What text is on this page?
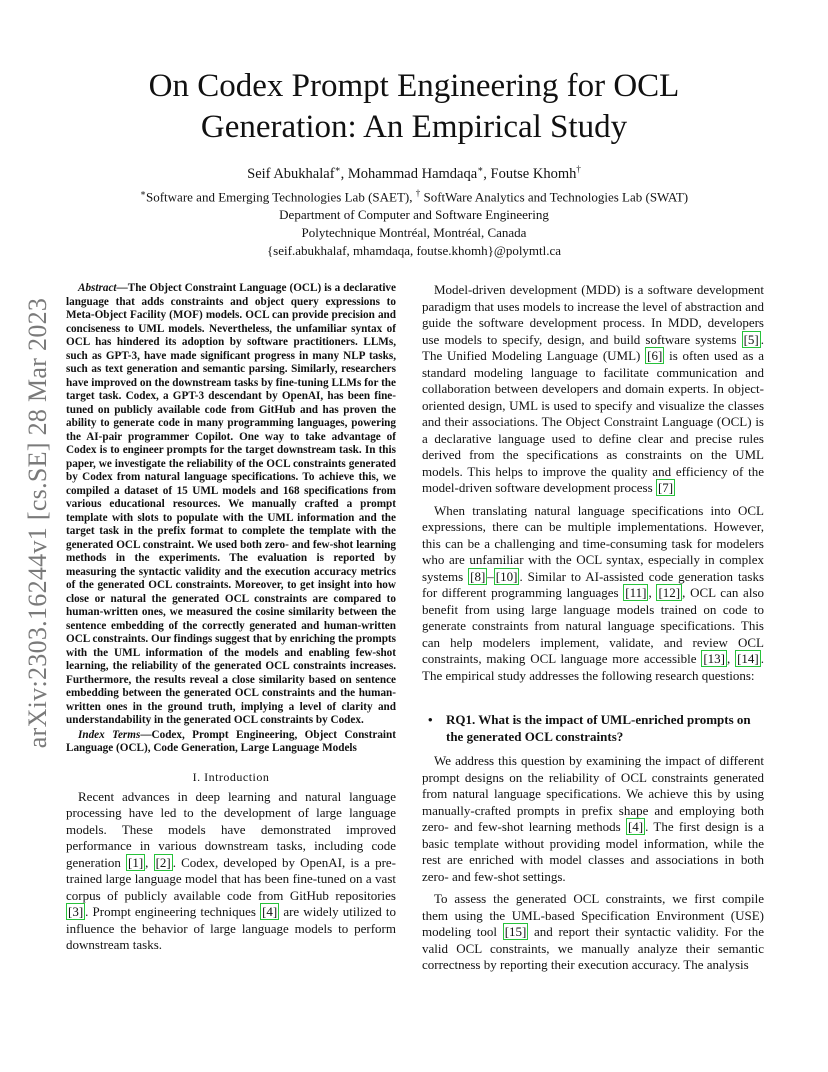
arXiv:2303.16244v1 [cs.SE] 28 Mar 2023
On Codex Prompt Engineering for OCL
Generation: An Empirical Study
Seif Abukhalaf∗, Mohammad Hamdaqa∗, Foutse Khomh†
∗Software and Emerging Technologies Lab (SAET), † SoftWare Analytics and Technologies Lab (SWAT)
Department of Computer and Software Engineering
Polytechnique Montréal, Montréal, Canada
{seif.abukhalaf, mhamdaqa, foutse.khomh}@polymtl.ca

Abstract—The Object Constraint Language (OCL) is a declarative language that adds constraints and object query expressions to Meta-Object Facility (MOF) models. OCL can provide precision and conciseness to UML models. Nevertheless, the unfamiliar syntax of OCL has hindered its adoption by software practitioners. LLMs, such as GPT-3, have made significant progress in many NLP tasks, such as text generation and semantic parsing. Similarly, researchers have improved on the downstream tasks by fine-tuning LLMs for the target task. Codex, a GPT-3 descendant by OpenAI, has been fine-tuned on publicly available code from GitHub and has proven the ability to generate code in many programming languages, powering the AI-pair programmer Copilot. One way to take advantage of Codex is to engineer prompts for the target downstream task. In this paper, we investigate the reliability of the OCL constraints generated by Codex from natural language specifications. To achieve this, we compiled a dataset of 15 UML models and 168 specifications from various educational resources. We manually crafted a prompt template with slots to populate with the UML information and the target task in the prefix format to complete the template with the generated OCL constraint. We used both zero- and few-shot learning methods in the experiments. The evaluation is reported by measuring the syntactic validity and the execution accuracy metrics of the generated OCL constraints. Moreover, to get insight into how close or natural the generated OCL constraints are compared to human-written ones, we measured the cosine similarity between the sentence embedding of the correctly generated and human-written OCL constraints. Our findings suggest that by enriching the prompts with the UML information of the models and enabling few-shot learning, the reliability of the generated OCL constraints increases. Furthermore, the results reveal a close similarity based on sentence embedding between the generated OCL constraints and the human-written ones in the ground truth, implying a level of clarity and understandability in the generated OCL constraints by Codex.

Index Terms—Codex, Prompt Engineering, Object Constraint Language (OCL), Code Generation, Large Language Models

I. Introduction

Recent advances in deep learning and natural language processing have led to the development of large language models. These models have demonstrated improved performance in various downstream tasks, including code generation [1] , [2] . Codex, developed by OpenAI, is a pre-trained large language model that has been fine-tuned on a vast corpus of publicly available code from GitHub repositories [3] . Prompt engineering techniques [4] are widely utilized to influence the behavior of large language models to perform downstream tasks.

Model-driven development (MDD) is a software development paradigm that uses models to increase the level of abstraction and guide the software development process. In MDD, developers use models to specify, design, and build software systems [5] . The Unified Modeling Language (UML) [6] is often used as a standard modeling language to facilitate communication and collaboration between developers and domain experts. In object-oriented design, UML is used to specify and visualize the classes and their associations. The Object Constraint Language (OCL) is a declarative language used to define clear and precise rules derived from the specifications as constraints on the UML models. This helps to improve the quality and efficiency of the model-driven software development process [7]

When translating natural language specifications into OCL expressions, there can be multiple implementations. However, this can be a challenging and time-consuming task for modelers who are unfamiliar with the OCL syntax, especially in complex systems [8] – [10] . Similar to AI-assisted code generation tasks for different programming languages [11] , [12] , OCL can also benefit from using large language models trained on code to generate constraints from natural language specifications. This can help modelers implement, validate, and review OCL constraints, making OCL language more accessible [13] , [14] . The empirical study addresses the following research questions:

•	RQ1. What is the impact of UML-enriched prompts on the generated OCL constraints?

We address this question by examining the impact of different prompt designs on the reliability of OCL constraints generated from natural language specifications. We achieve this by using manually-crafted prompts in prefix shape and employing both zero- and few-shot learning methods [4] . The first design is a basic template without providing model information, while the rest are enriched with model classes and associations in both zero- and few-shot settings.

To assess the generated OCL constraints, we first compile them using the UML-based Specification Environment (USE) modeling tool [15] and report their syntactic validity. For the valid OCL constraints, we manually analyze their semantic correctness by reporting their execution accuracy. The analysis
